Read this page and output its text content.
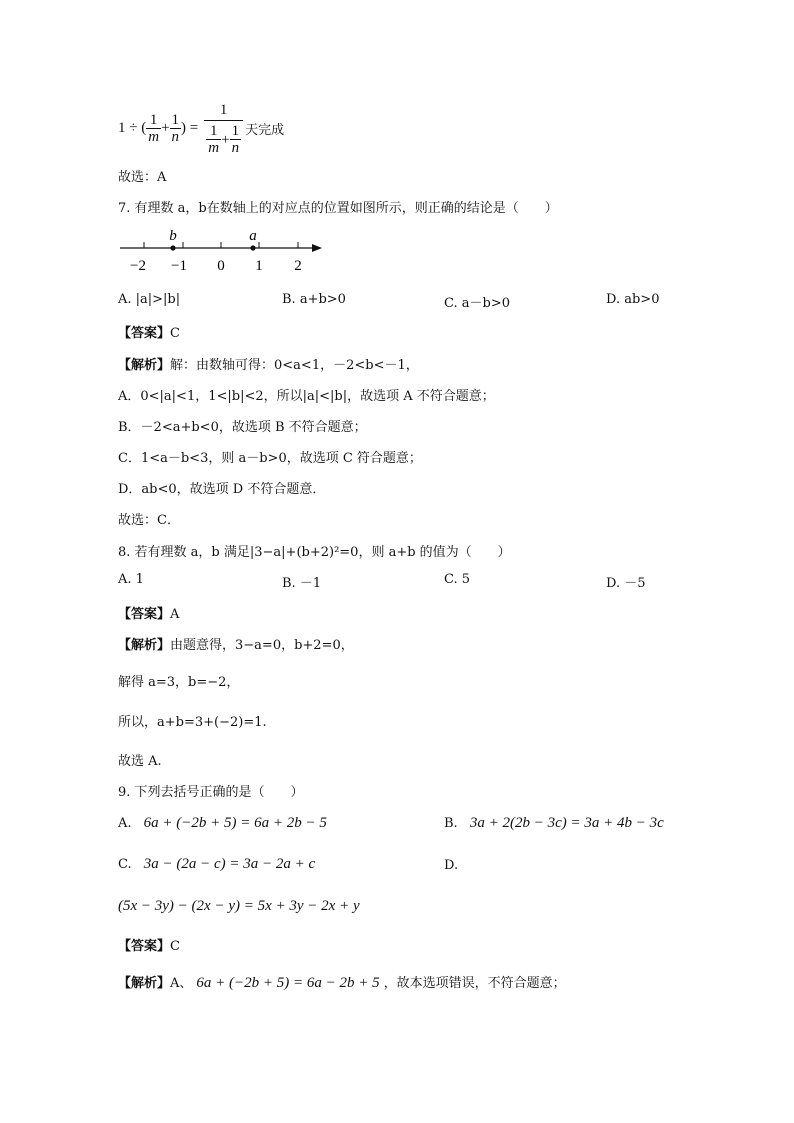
1 ÷ ( $\frac{1}{m} + \frac{1}{n}$ ) =
1
$\frac{1}{m} + \frac{1}{n}$ 天完成
故选：A
7. 有理数 a，b在数轴上的对应点的位置如图所示，则正确的结论是（　　）
b	a
−2 −1 0 1 2
A. |a|>|b|	B. a+b>0	C. a－b>0	D. ab>0
【答案】C
【解析】解：由数轴可得：0<a<1，－2<b<－1，
A．0<|a|<1，1<|b|<2，所以|a|<|b|，故选项 A 不符合题意；
B．－2<a+b<0，故选项 B 不符合题意；
C．1<a－b<3，则 a－b>0，故选项 C 符合题意；
D．ab<0，故选项 D 不符合题意．
故选：C．
8. 若有理数 a，b 满足|3−a|+(b+2)²=0，则 a+b 的值为（　　）
A. 1	B. －1	C. 5	D. －5
【答案】A
【解析】由题意得，3−a=0，b+2=0，
解得 a=3，b=−2，
所以，a+b=3+(−2)=1.
故选 A.
9. 下列去括号正确的是（　　）
A. 6a + (−2b + 5) = 6a + 2b − 5	B. 3a + 2(2b − 3c) = 3a + 4b − 3c
C. 3a − (2a − c) = 3a − 2a + c	D.
(5x − 3y) − (2x − y) = 5x + 3y − 2x + y
【答案】C
【解析】A、 6a + (−2b + 5) = 6a − 2b + 5 ，故本选项错误，不符合题意；
